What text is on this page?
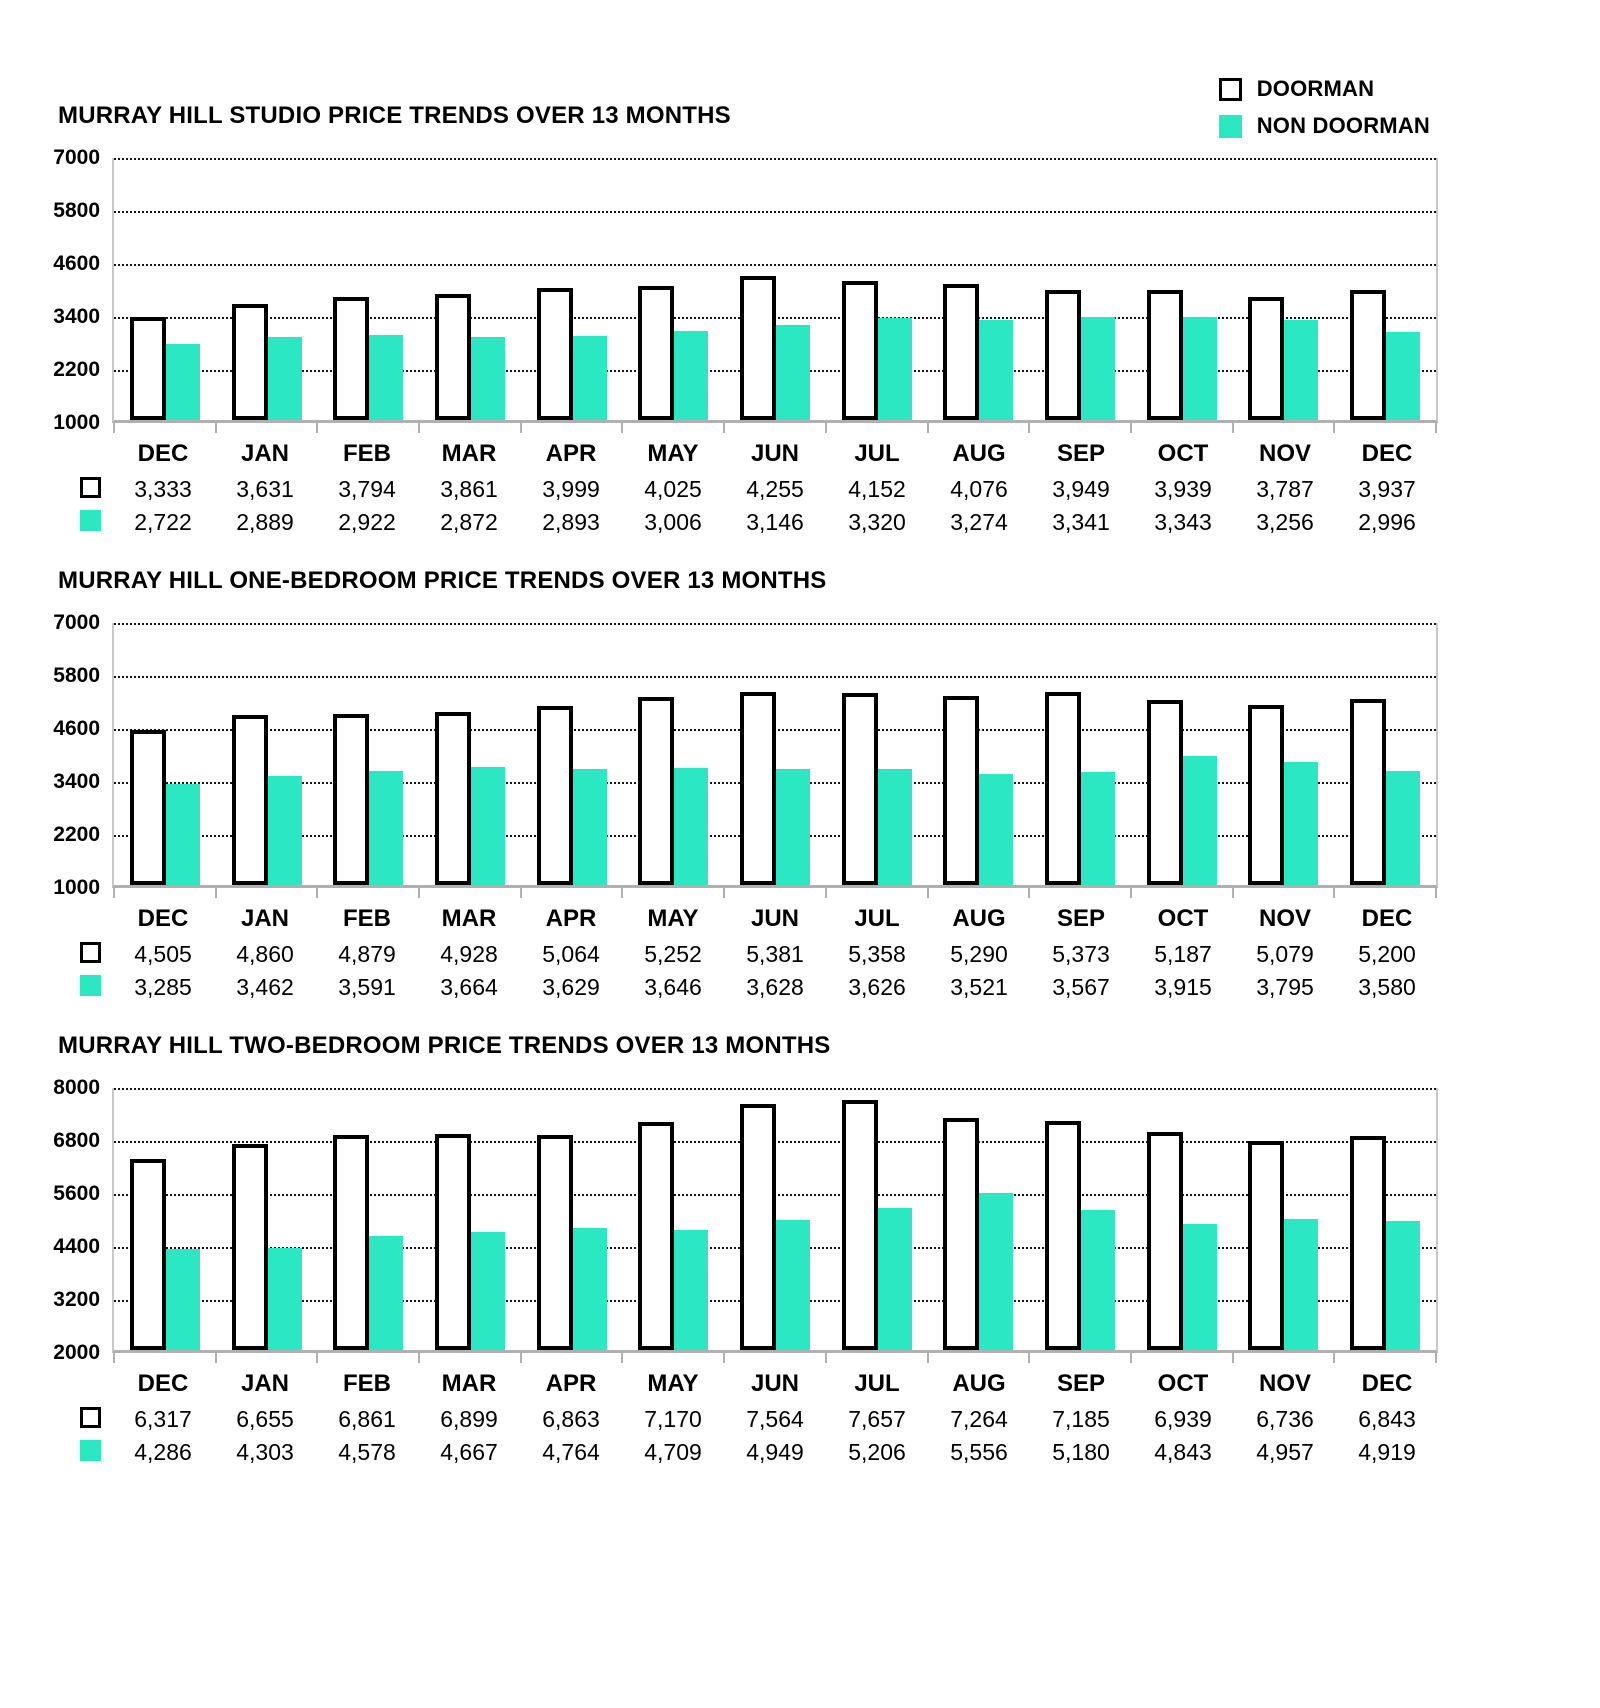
DOORMAN
NON DOORMAN
MURRAY HILL STUDIO PRICE TRENDS OVER 13 MONTHS
7000
5800
4600
3400
2200
1000
DEC	JAN	FEB	MAR	APR	MAY	JUN	JUL	AUG	SEP	OCT	NOV	DEC
3,333	3,631	3,794	3,861	3,999	4,025	4,255	4,152	4,076	3,949	3,939	3,787	3,937
2,722	2,889	2,922	2,872	2,893	3,006	3,146	3,320	3,274	3,341	3,343	3,256	2,996
MURRAY HILL ONE-BEDROOM PRICE TRENDS OVER 13 MONTHS
7000
5800
4600
3400
2200
1000
DEC	JAN	FEB	MAR	APR	MAY	JUN	JUL	AUG	SEP	OCT	NOV	DEC
4,505	4,860	4,879	4,928	5,064	5,252	5,381	5,358	5,290	5,373	5,187	5,079	5,200
3,285	3,462	3,591	3,664	3,629	3,646	3,628	3,626	3,521	3,567	3,915	3,795	3,580
MURRAY HILL TWO-BEDROOM PRICE TRENDS OVER 13 MONTHS
8000
6800
5600
4400
3200
2000
DEC	JAN	FEB	MAR	APR	MAY	JUN	JUL	AUG	SEP	OCT	NOV	DEC
6,317	6,655	6,861	6,899	6,863	7,170	7,564	7,657	7,264	7,185	6,939	6,736	6,843
4,286	4,303	4,578	4,667	4,764	4,709	4,949	5,206	5,556	5,180	4,843	4,957	4,919
